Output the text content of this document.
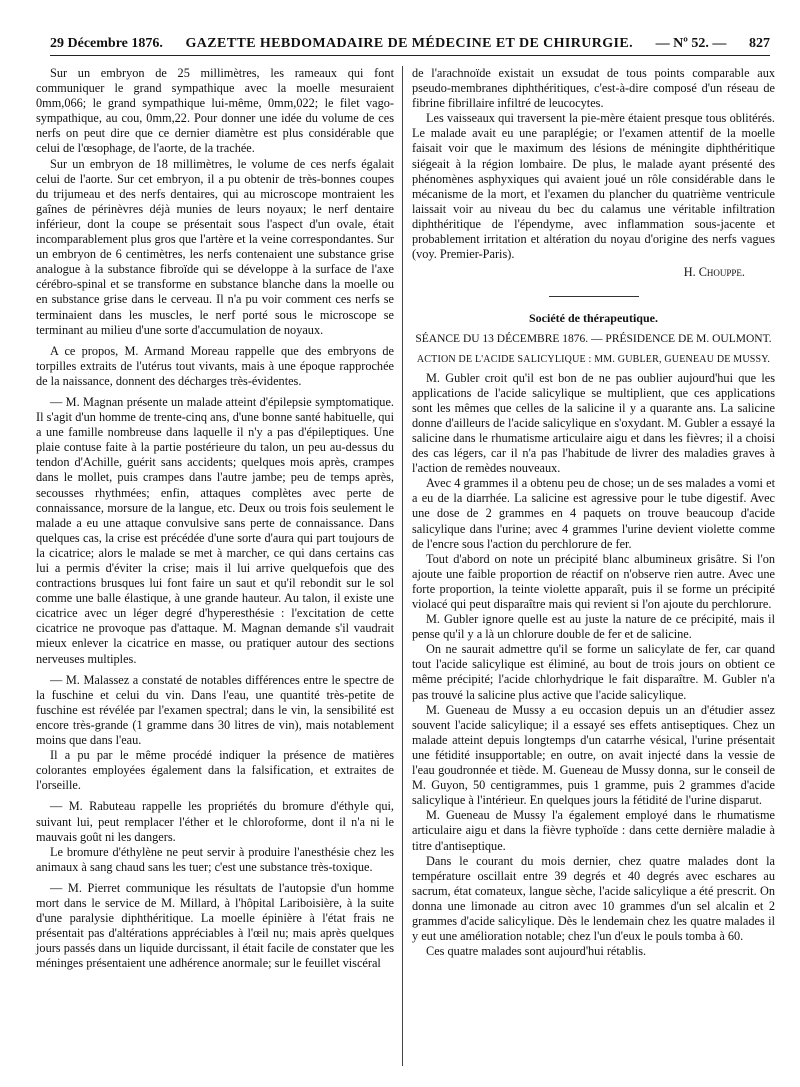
29 Décembre 1876. GAZETTE HEBDOMADAIRE DE MÉDECINE ET DE CHIRURGIE. — Nº 52. — 827

Sur un embryon de 25 millimètres, les rameaux qui font communiquer le grand sympathique avec la moelle mesuraient 0mm,066; le grand sympathique lui-même, 0mm,022; le filet vago-sympathique, au cou, 0mm,22. Pour donner une idée du volume de ces nerfs on peut dire que ce dernier diamètre est plus considérable que celui de l'œsophage, de l'aorte, de la trachée.

Sur un embryon de 18 millimètres, le volume de ces nerfs égalait celui de l'aorte. Sur cet embryon, il a pu obtenir de très-bonnes coupes du trijumeau et des nerfs dentaires, qui au microscope montraient les gaînes de périnèvres déjà munies de leurs noyaux; le nerf dentaire inférieur, dont la coupe se présentait sous l'aspect d'un ovale, était incomparablement plus gros que l'artère et la veine correspondantes. Sur un embryon de 6 centimètres, les nerfs contenaient une substance grise analogue à la substance fibroïde qui se développe à la surface de l'axe cérébro-spinal et se transforme en substance blanche dans la moelle ou en substance grise dans le cerveau. Il n'a pu voir comment ces nerfs se terminaient dans les muscles, le nerf porté sous le microscope se terminant au milieu d'une sorte d'accumulation de noyaux.

A ce propos, M. Armand Moreau rappelle que des embryons de torpilles extraits de l'utérus tout vivants, mais à une époque rapprochée de la naissance, donnent des décharges très-évidentes.

— M. Magnan présente un malade atteint d'épilepsie symptomatique. Il s'agit d'un homme de trente-cinq ans, d'une bonne santé habituelle, qui a une famille nombreuse dans laquelle il n'y a pas d'épileptiques. Une plaie contuse faite à la partie postérieure du talon, un peu au-dessus du tendon d'Achille, guérit sans accidents; quelques mois après, crampes dans le mollet, puis crampes dans l'autre jambe; peu de temps après, secousses rhythmées; enfin, attaques complètes avec perte de connaissance, morsure de la langue, etc. Deux ou trois fois seulement le malade a eu une attaque convulsive sans perte de connaissance. Dans quelques cas, la crise est précédée d'une sorte d'aura qui part toujours de la cicatrice; alors le malade se met à marcher, ce qui dans certains cas lui a permis d'éviter la crise; mais il lui arrive quelquefois que des contractions brusques lui font faire un saut et qu'il rebondit sur le sol comme une balle élastique, à une grande hauteur. Au talon, il existe une cicatrice avec un léger degré d'hyperesthésie : l'excitation de cette cicatrice ne provoque pas d'attaque. M. Magnan demande s'il vaudrait mieux enlever la cicatrice en masse, ou pratiquer autour des sections nerveuses multiples.

— M. Malassez a constaté de notables différences entre le spectre de la fuschine et celui du vin. Dans l'eau, une quantité très-petite de fuschine est révélée par l'examen spectral; dans le vin, la sensibilité est encore très-grande (1 gramme dans 30 litres de vin), mais notablement moins que dans l'eau.

Il a pu par le même procédé indiquer la présence de matières colorantes employées également dans la falsification, et extraites de l'orseille.

— M. Rabuteau rappelle les propriétés du bromure d'éthyle qui, suivant lui, peut remplacer l'éther et le chloroforme, dont il n'a ni le mauvais goût ni les dangers.

Le bromure d'éthylène ne peut servir à produire l'anesthésie chez les animaux à sang chaud sans les tuer; c'est une substance très-toxique.

— M. Pierret communique les résultats de l'autopsie d'un homme mort dans le service de M. Millard, à l'hôpital Lariboisière, à la suite d'une paralysie diphthéritique. La moelle épinière à l'état frais ne présentait pas d'altérations appréciables à l'œil nu; mais après quelques jours passés dans un liquide durcissant, il était facile de constater que les méninges présentaient une adhérence anormale; sur le feuillet viscéral

de l'arachnoïde existait un exsudat de tous points comparable aux pseudo-membranes diphthéritiques, c'est-à-dire composé d'un réseau de fibrine fibrillaire infiltré de leucocytes.

Les vaisseaux qui traversent la pie-mère étaient presque tous oblitérés. Le malade avait eu une paraplégie; or l'examen attentif de la moelle faisait voir que le maximum des lésions de méningite diphthéritique siégeait à la région lombaire. De plus, le malade ayant présenté des phénomènes asphyxiques qui avaient joué un rôle considérable dans le mécanisme de la mort, et l'examen du plancher du quatrième ventricule laissait voir au niveau du bec du calamus une véritable infiltration diphthéritique de l'épendyme, avec inflammation sous-jacente et probablement irritation et altération du noyau d'origine des nerfs vagues (voy. Premier-Paris).

H. Chouppe.

Société de thérapeutique.

SÉANCE DU 13 DÉCEMBRE 1876. — PRÉSIDENCE DE M. OULMONT.

ACTION DE L'ACIDE SALICYLIQUE : MM. GUBLER, GUENEAU DE MUSSY.

M. Gubler croit qu'il est bon de ne pas oublier aujourd'hui que les applications de l'acide salicylique se multiplient, que ces applications sont les mêmes que celles de la salicine il y a quarante ans. La salicine donne d'ailleurs de l'acide salicylique en s'oxydant. M. Gubler a essayé la salicine dans le rhumatisme articulaire aigu et dans les fièvres; il a choisi des cas légers, car il n'a pas l'habitude de livrer des maladies graves à l'action de remèdes nouveaux.

Avec 4 grammes il a obtenu peu de chose; un de ses malades a vomi et a eu de la diarrhée. La salicine est agressive pour le tube digestif. Avec une dose de 2 grammes en 4 paquets on trouve beaucoup d'acide salicylique dans l'urine; avec 4 grammes l'urine devient violette comme de l'encre sous l'action du perchlorure de fer.

Tout d'abord on note un précipité blanc albumineux grisâtre. Si l'on ajoute une faible proportion de réactif on n'observe rien autre. Avec une forte proportion, la teinte violette apparaît, puis il se forme un précipité violacé qui peut disparaître mais qui revient si l'on ajoute du perchlorure.

M. Gubler ignore quelle est au juste la nature de ce précipité, mais il pense qu'il y a là un chlorure double de fer et de salicine.

On ne saurait admettre qu'il se forme un salicylate de fer, car quand tout l'acide salicylique est éliminé, au bout de trois jours on obtient ce même précipité; l'acide chlorhydrique le fait disparaître. M. Gubler n'a pas trouvé la salicine plus active que l'acide salicylique.

M. Gueneau de Mussy a eu occasion depuis un an d'étudier assez souvent l'acide salicylique; il a essayé ses effets antiseptiques. Chez un malade atteint depuis longtemps d'un catarrhe vésical, l'urine présentait une fétidité insupportable; en outre, on avait injecté dans la vessie de l'eau goudronnée et tiède. M. Gueneau de Mussy donna, sur le conseil de M. Guyon, 50 centigrammes, puis 1 gramme, puis 2 grammes d'acide salicylique à l'intérieur. En quelques jours la fétidité de l'urine disparut.

M. Gueneau de Mussy l'a également employé dans le rhumatisme articulaire aigu et dans la fièvre typhoïde : dans cette dernière maladie à titre d'antiseptique.

Dans le courant du mois dernier, chez quatre malades dont la température oscillait entre 39 degrés et 40 degrés avec eschares au sacrum, état comateux, langue sèche, l'acide salicylique a été prescrit. On donna une limonade au citron avec 10 grammes d'un sel alcalin et 2 grammes d'acide salicylique. Dès le lendemain chez les quatre malades il y eut une amélioration notable; chez l'un d'eux le pouls tomba à 60.

Ces quatre malades sont aujourd'hui rétablis.
